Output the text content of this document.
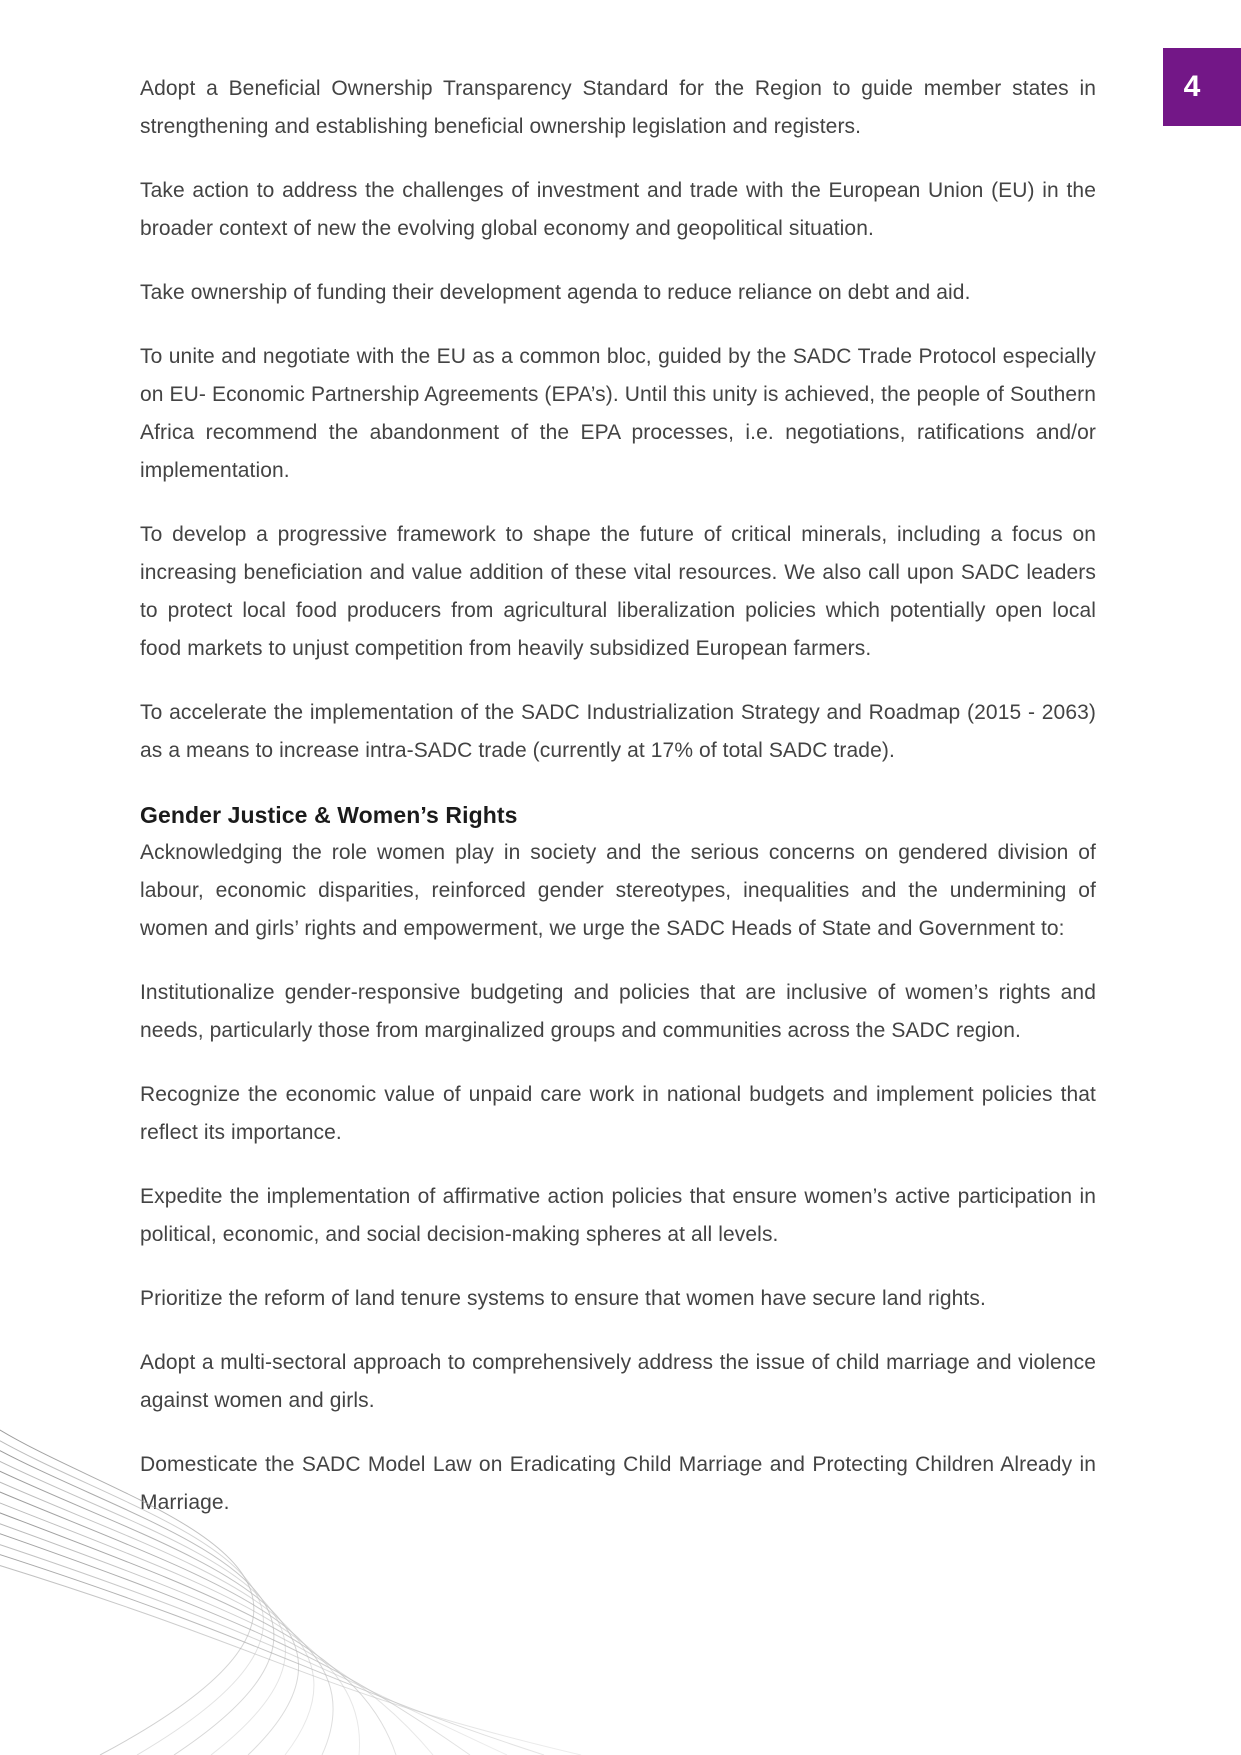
4

Adopt a Beneficial Ownership Transparency Standard for the Region to guide member states in strengthening and establishing beneficial ownership legislation and registers.

Take action to address the challenges of investment and trade with the European Union (EU) in the broader context of new the evolving global economy and geopolitical situation.

Take ownership of funding their development agenda to reduce reliance on debt and aid.

To unite and negotiate with the EU as a common bloc, guided by the SADC Trade Protocol especially on EU- Economic Partnership Agreements (EPA’s). Until this unity is achieved, the people of Southern Africa recommend the abandonment of the EPA processes, i.e. negotiations, ratifications and/or implementation.

To develop a progressive framework to shape the future of critical minerals, including a focus on increasing beneficiation and value addition of these vital resources. We also call upon SADC leaders to protect local food producers from agricultural liberalization policies which potentially open local food markets to unjust competition from heavily subsidized European farmers.

To accelerate the implementation of the SADC Industrialization Strategy and Roadmap (2015 - 2063) as a means to increase intra-SADC trade (currently at 17% of total SADC trade).

Gender Justice & Women’s Rights

Acknowledging the role women play in society and the serious concerns on gendered division of labour, economic disparities, reinforced gender stereotypes, inequalities and the undermining of women and girls’ rights and empowerment, we urge the SADC Heads of State and Government to:

Institutionalize gender-responsive budgeting and policies that are inclusive of women’s rights and needs, particularly those from marginalized groups and communities across the SADC region.

Recognize the economic value of unpaid care work in national budgets and implement policies that reflect its importance.

Expedite the implementation of affirmative action policies that ensure women’s active participation in political, economic, and social decision-making spheres at all levels.

Prioritize the reform of land tenure systems to ensure that women have secure land rights.

Adopt a multi-sectoral approach to comprehensively address the issue of child marriage and violence against women and girls.

Domesticate the SADC Model Law on Eradicating Child Marriage and Protecting Children Already in Marriage.
